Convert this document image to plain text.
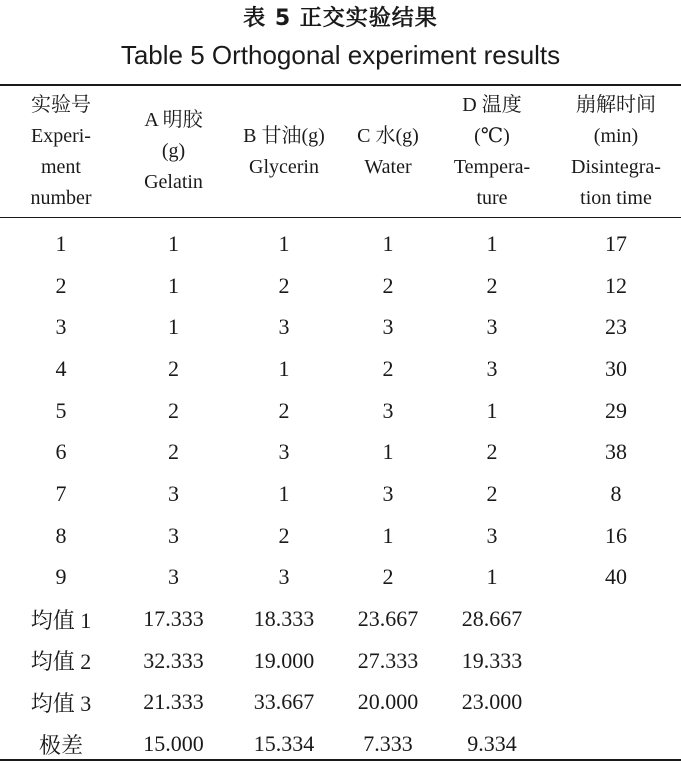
表 5 正交实验结果
Table 5 Orthogonal experiment results
实验号
Experi-
ment
number	A 明胶
(g)
Gelatin	B 甘油(g)
Glycerin	C 水(g)
Water	D 温度
(℃)
Tempera-
ture	崩解时间
(min)
Disintegra-
tion time

1	1	1	1	1	17
2	1	2	2	2	12
3	1	3	3	3	23
4	2	1	2	3	30
5	2	2	3	1	29
6	2	3	1	2	38
7	3	1	3	2	8
8	3	2	1	3	16
9	3	3	2	1	40
均值 1	17.333	18.333	23.667	28.667	
均值 2	32.333	19.000	27.333	19.333	
均值 3	21.333	33.667	20.000	23.000	
极差	15.000	15.334	7.333	9.334	
